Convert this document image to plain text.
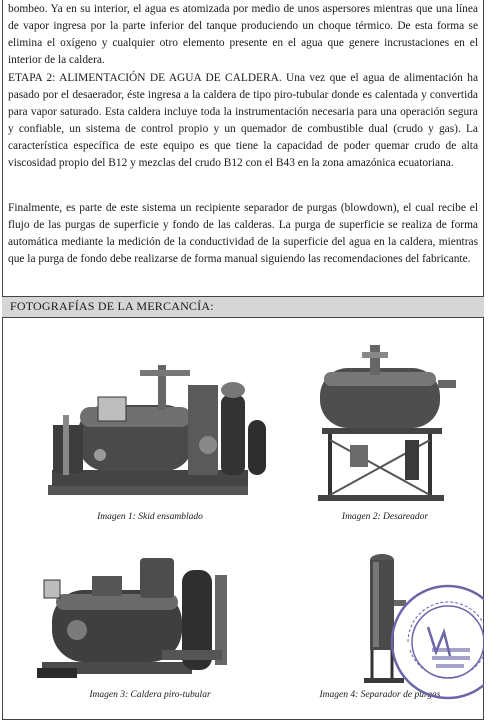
bombeo. Ya en su interior, el agua es atomizada por medio de unos aspersores mientras que una línea de vapor ingresa por la parte inferior del tanque produciendo un choque térmico. De esta forma se elimina el oxígeno y cualquier otro elemento presente en el agua que genere incrustaciones en el interior de la caldera.

ETAPA 2: ALIMENTACIÓN DE AGUA DE CALDERA. Una vez que el agua de alimentación ha pasado por el desaerador, éste ingresa a la caldera de tipo piro-tubular donde es calentada y convertida para vapor saturado. Esta caldera incluye toda la instrumentación necesaria para una operación segura y confiable, un sistema de control propio y un quemador de combustible dual (crudo y gas). La característica específica de este equipo es que tiene la capacidad de poder quemar crudo de alta viscosidad propio del B12 y mezclas del crudo B12 con el B43 en la zona amazónica ecuatoriana.

Finalmente, es parte de este sistema un recipiente separador de purgas (blowdown), el cual recibe el flujo de las purgas de superficie y fondo de las calderas. La purga de superficie se realiza de forma automática mediante la medición de la conductividad de la superficie del agua en la caldera, mientras que la purga de fondo debe realizarse de forma manual siguiendo las recomendaciones del fabricante.

FOTOGRAFÍAS DE LA MERCANCÍA:
Imagen 1: Skid ensamblado	Imagen 2: Desareador
Imagen 3: Caldera piro-tubular	Imagen 4: Separador de purgas
